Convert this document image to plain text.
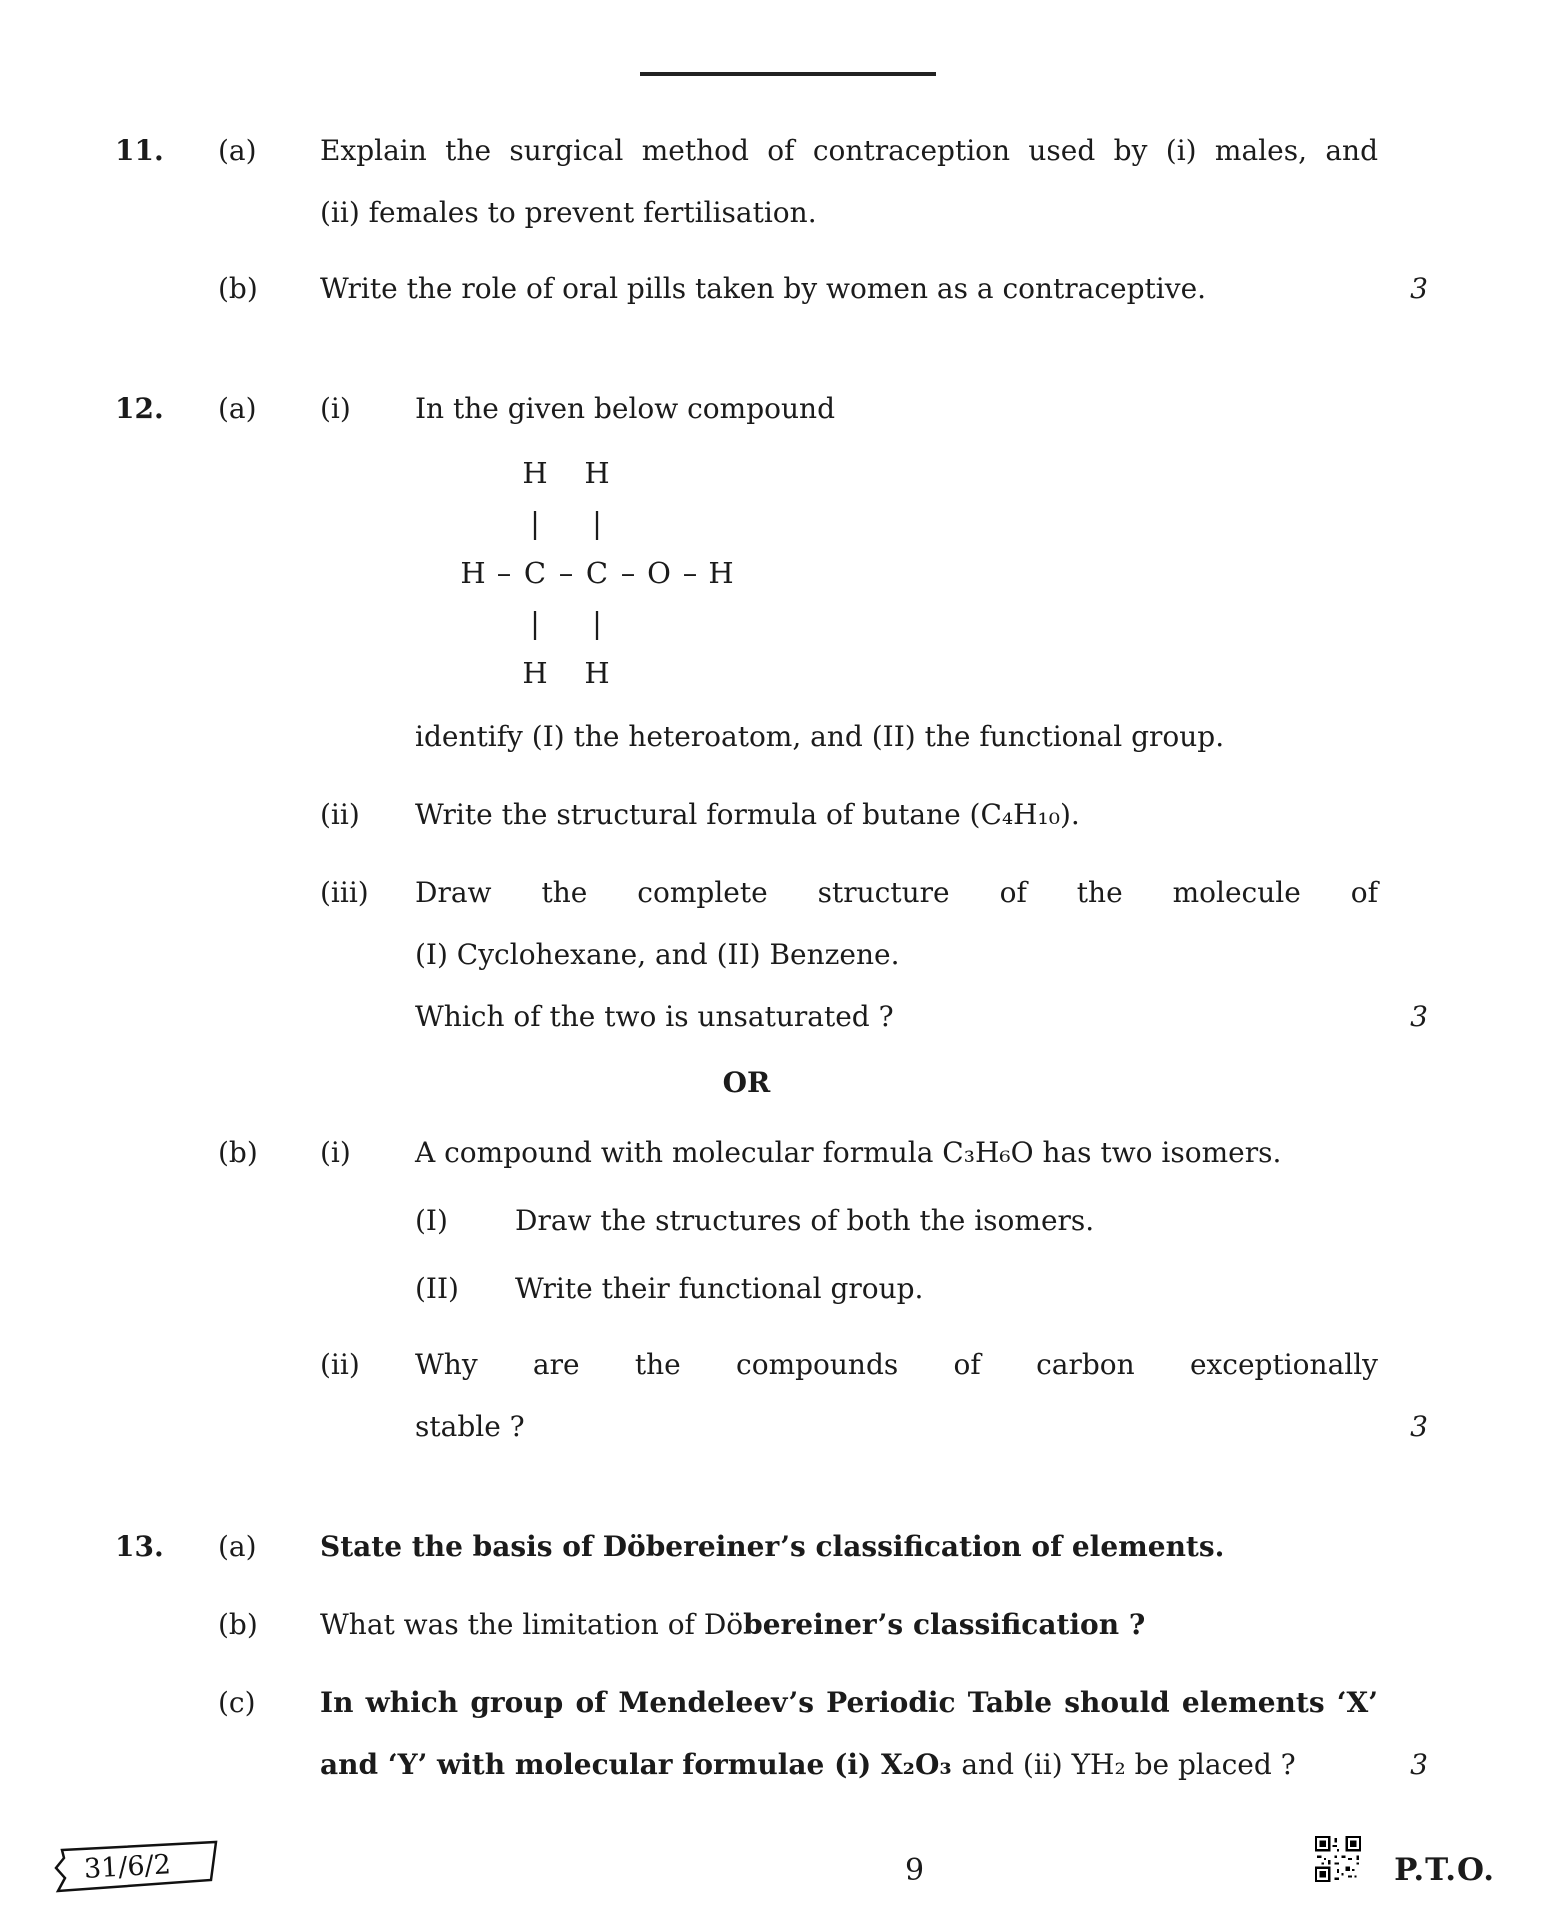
11.	(a)	Explain the surgical method of contraception used by (i) males, and
(ii) females to prevent fertilisation.
(b)	Write the role of oral pills taken by women as a contraceptive.	3
12.	(a)	(i)	In the given below compound
H H
|	|
H – C – C – O – H
|	|
H H
identify (I) the heteroatom, and (II) the functional group.
(ii)	Write the structural formula of butane (C₄H₁₀).
(iii)	Draw the complete structure of the molecule of
(I) Cyclohexane, and (II) Benzene.
Which of the two is unsaturated ?	3
OR
(b)	(i)	A compound with molecular formula C₃H₆O has two isomers.
(I)	Draw the structures of both the isomers.
(II)	Write their functional group.
(ii)	Why are the compounds of carbon exceptionally
stable ?	3
13.	(a)	State the basis of Döbereiner’s classification of elements.
(b)	What was the limitation of Döbereiner’s classification ?
(c)	In which group of Mendeleev’s Periodic Table should elements ‘X’
and ‘Y’ with molecular formulae (i) X₂O₃ and (ii) YH₂ be placed ?	3
31/6/2	9	P.T.O.
